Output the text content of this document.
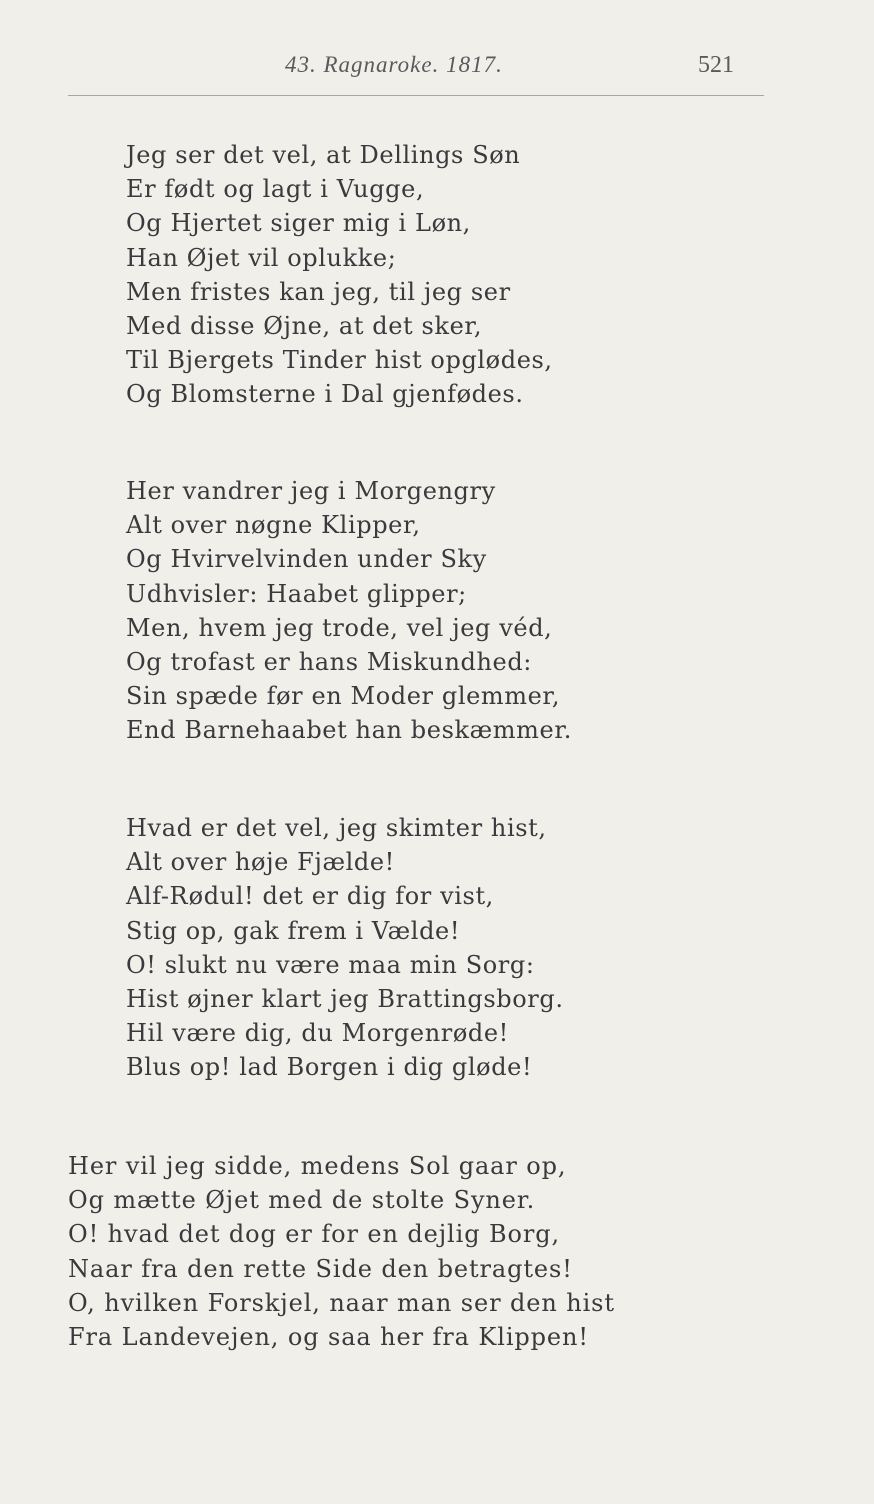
43. Ragnaroke. 1817.	521
Jeg ser det vel, at Dellings Søn
Er født og lagt i Vugge,
Og Hjertet siger mig i Løn,
Han Øjet vil oplukke;
Men fristes kan jeg, til jeg ser
Med disse Øjne, at det sker,
Til Bjergets Tinder hist opglødes,
Og Blomsterne i Dal gjenfødes.
Her vandrer jeg i Morgengry
Alt over nøgne Klipper,
Og Hvirvelvinden under Sky
Udhvisler: Haabet glipper;
Men, hvem jeg trode, vel jeg véd,
Og trofast er hans Miskundhed:
Sin spæde før en Moder glemmer,
End Barnehaabet han beskæmmer.
Hvad er det vel, jeg skimter hist,
Alt over høje Fjælde!
Alf-Rødul! det er dig for vist,
Stig op, gak frem i Vælde!
O! slukt nu være maa min Sorg:
Hist øjner klart jeg Brattingsborg.
Hil være dig, du Morgenrøde!
Blus op! lad Borgen i dig gløde!
Her vil jeg sidde, medens Sol gaar op,
Og mætte Øjet med de stolte Syner.
O! hvad det dog er for en dejlig Borg,
Naar fra den rette Side den betragtes!
O, hvilken Forskjel, naar man ser den hist
Fra Landevejen, og saa her fra Klippen!
